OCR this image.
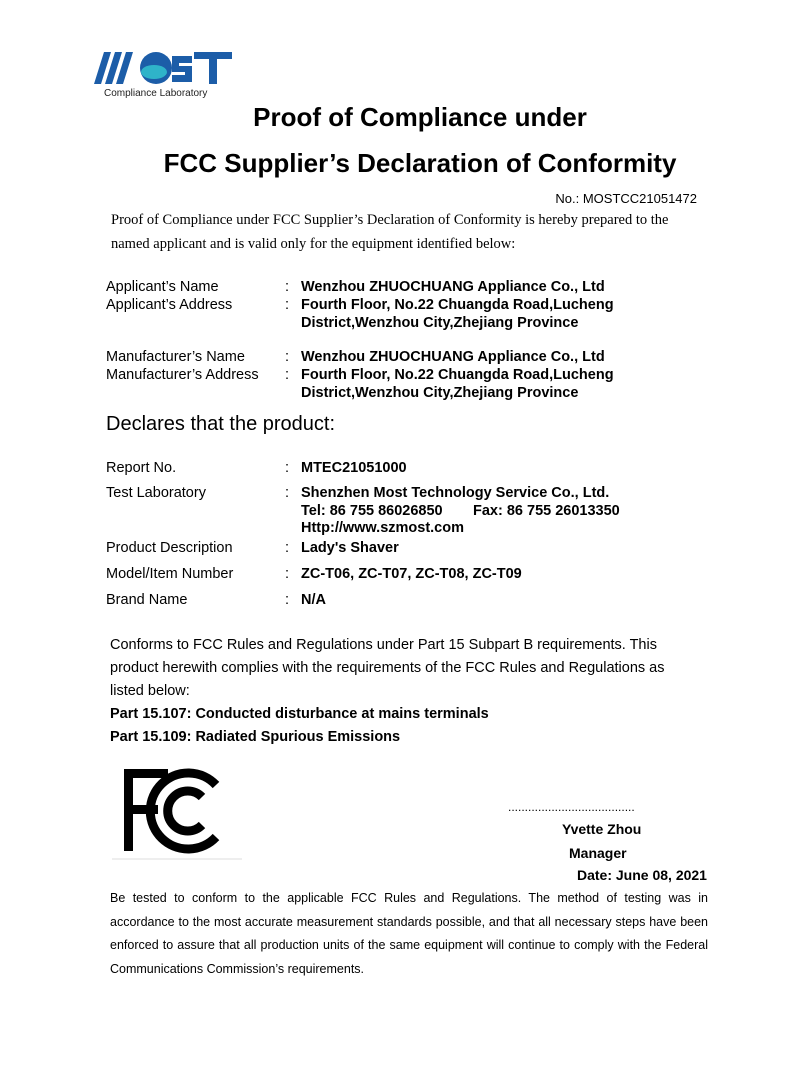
Compliance Laboratory
Proof of Compliance under
FCC Supplier’s Declaration of Conformity
No.: MOSTCC21051472
Proof of Compliance under FCC Supplier’s Declaration of Conformity is hereby prepared to the
named applicant and is valid only for the equipment identified below:
Applicant’s Name	: Wenzhou ZHUOCHUANG Appliance Co., Ltd
Applicant’s Address	: Fourth Floor, No.22 Chuangda Road,Lucheng
District,Wenzhou City,Zhejiang Province
Manufacturer’s Name	: Wenzhou ZHUOCHUANG Appliance Co., Ltd
Manufacturer’s Address : Fourth Floor, No.22 Chuangda Road,Lucheng
District,Wenzhou City,Zhejiang Province
Declares that the product:
Report No.	: MTEC21051000
Test Laboratory	: Shenzhen Most Technology Service Co., Ltd.
Tel: 86 755 86026850 Fax: 86 755 26013350
Http://www.szmost.com
Product Description	: Lady's Shaver
Model/Item Number	: ZC-T06, ZC-T07, ZC-T08, ZC-T09
Brand Name	: N/A
Conforms to FCC Rules and Regulations under Part 15 Subpart B requirements. This
product herewith complies with the requirements of the FCC Rules and Regulations as
listed below:
Part 15.107: Conducted disturbance at mains terminals
Part 15.109: Radiated Spurious Emissions
......................................
Yvette Zhou
Manager
Date: June 08, 2021
Be tested to conform to the applicable FCC Rules and Regulations. The method of testing was in accordance to the most accurate measurement standards possible, and that all necessary steps have been enforced to assure that all production units of the same equipment will continue to comply with the Federal Communications Commission’s requirements.
